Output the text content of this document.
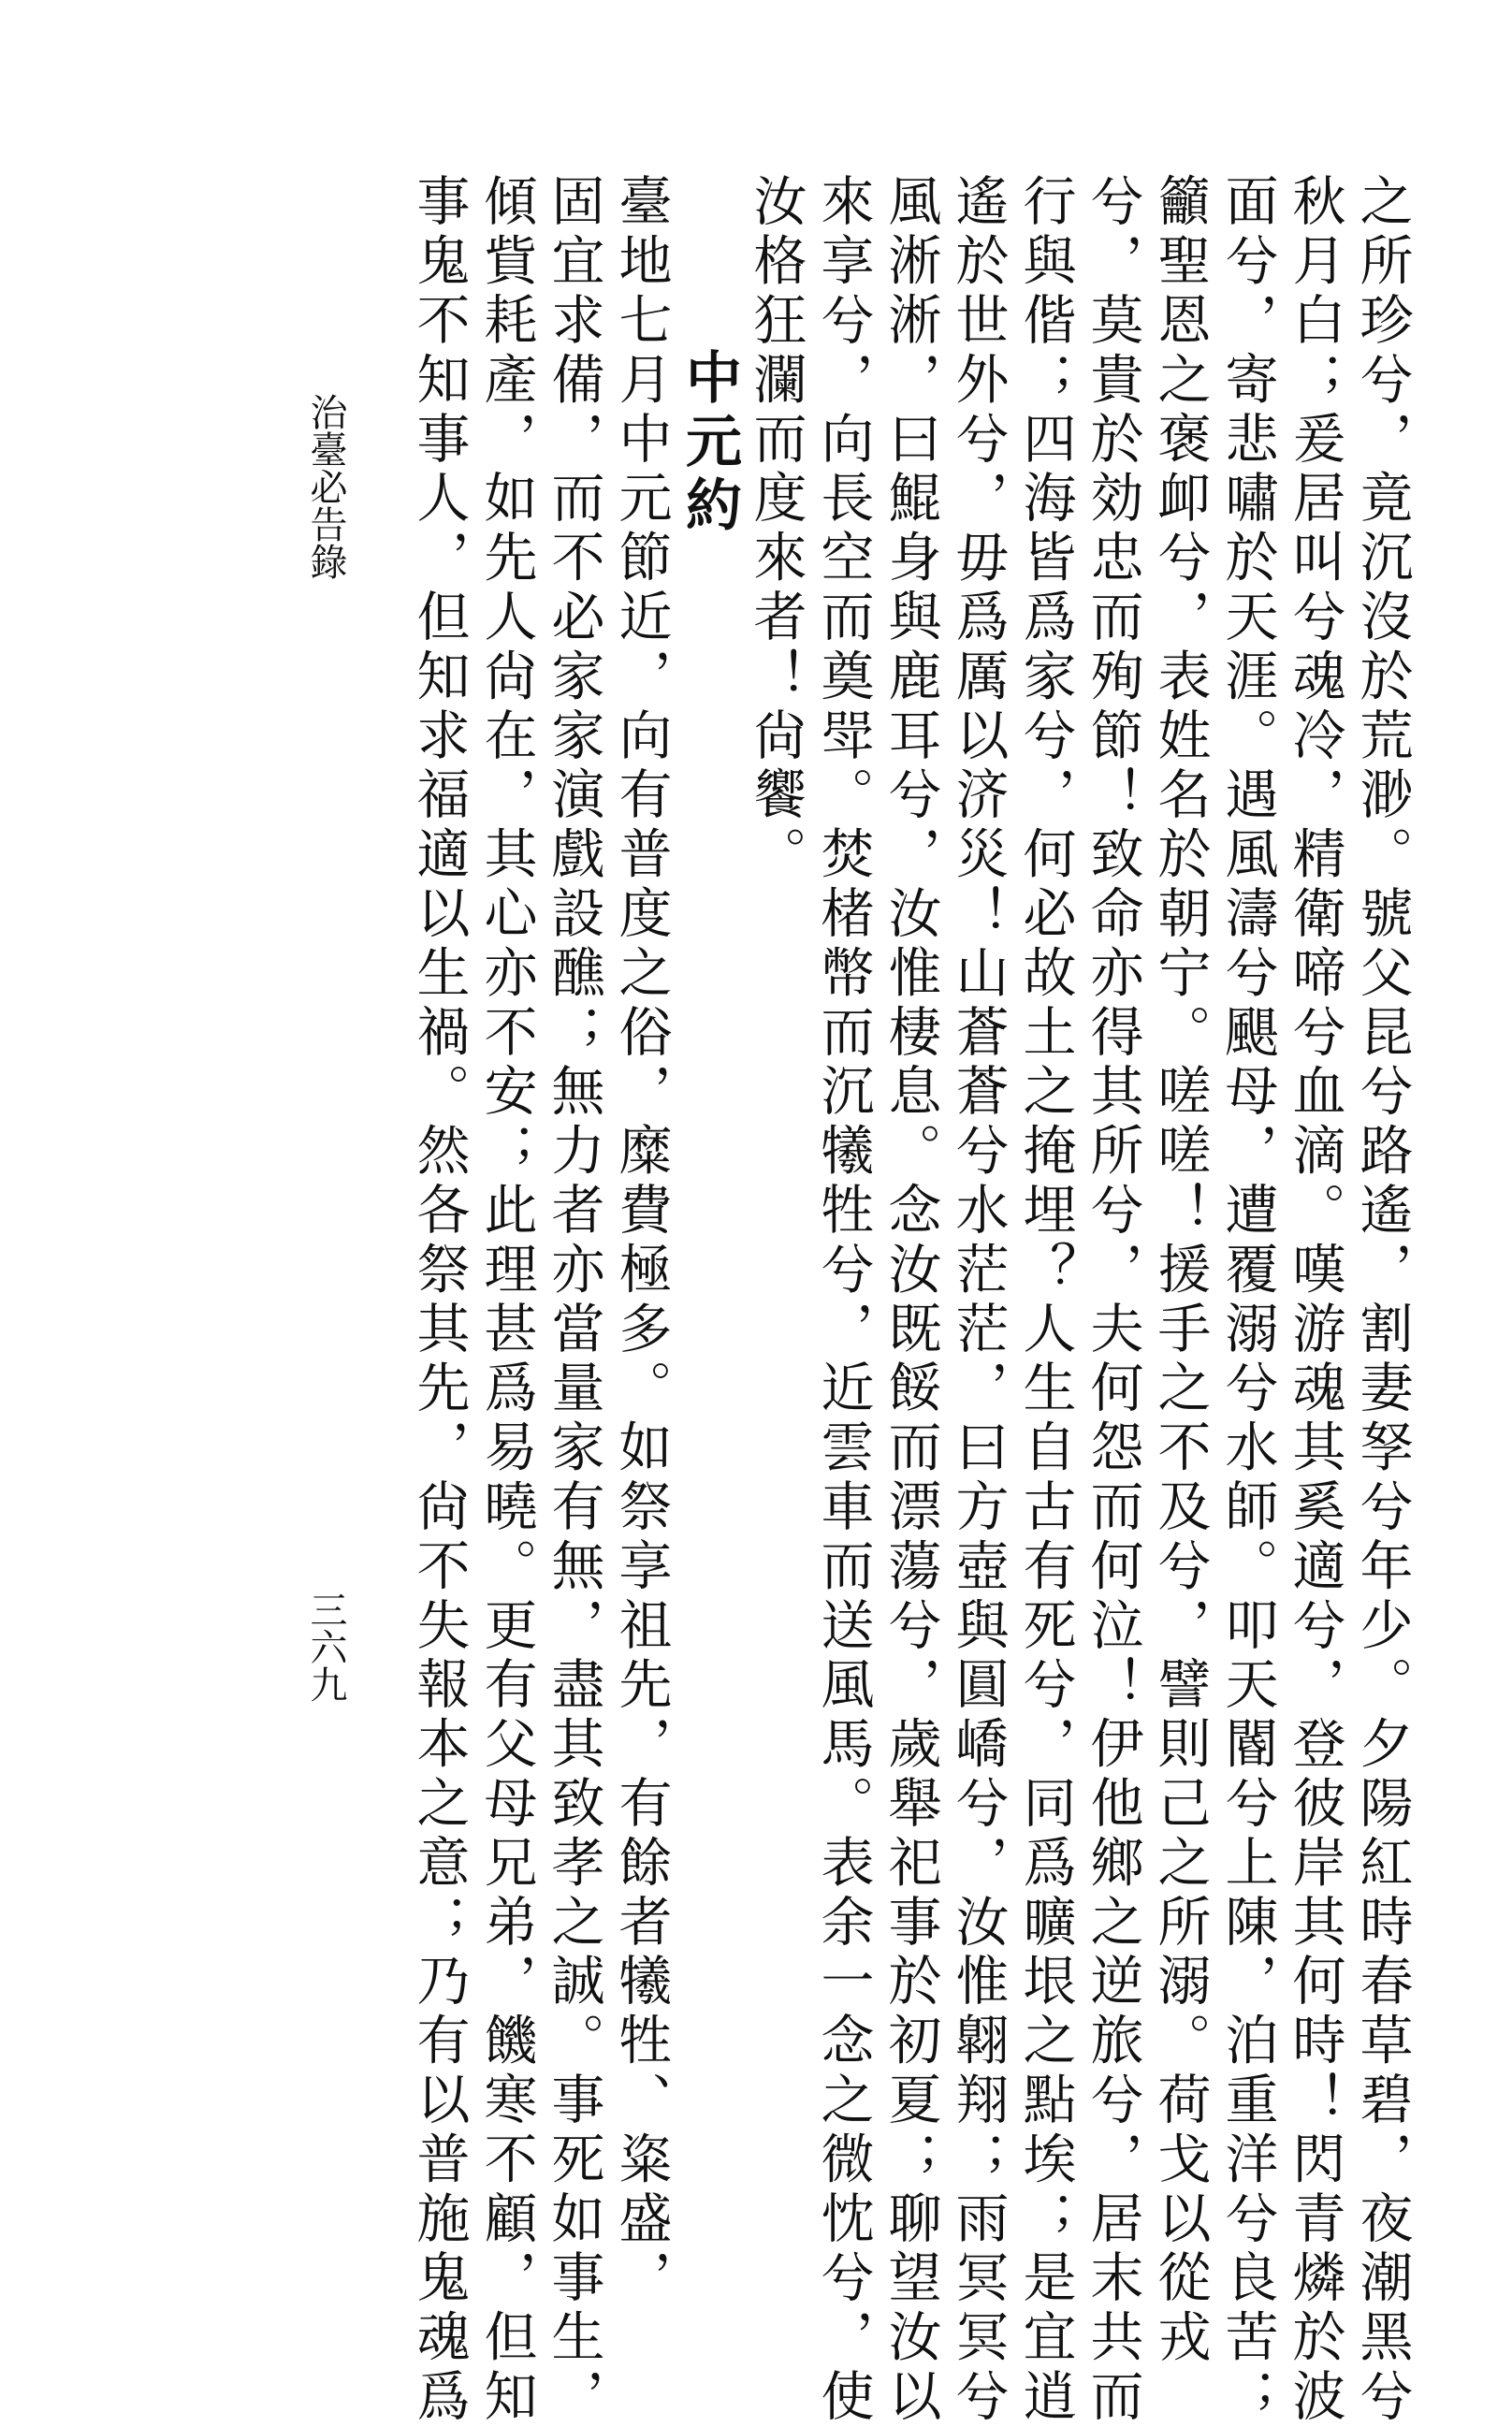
之所珍兮，竟沉沒於荒渺。號父昆兮路遙，割妻孥兮年少。夕陽紅時春草碧，夜潮黑兮
秋月白；爰居叫兮魂冷，精衛啼兮血滴。嘆游魂其奚適兮，登彼岸其何時！閃青燐於波
面兮，寄悲嘯於天涯。遇風濤兮颶母，遭覆溺兮水師。叩天閽兮上陳，泊重洋兮良苦；
籲聖恩之褒卹兮，表姓名於朝宁。嗟嗟！援手之不及兮，譬則己之所溺。荷戈以從戎
兮，莫貴於効忠而殉節！致命亦得其所兮，夫何怨而何泣！伊他鄉之逆旅兮，居末共而
行與偕；四海皆爲家兮，何必故土之掩埋？人生自古有死兮，同爲曠垠之點埃；是宜逍
遙於世外兮，毋爲厲以济災！山蒼蒼兮水茫茫，曰方壺與圓嶠兮，汝惟翺翔；雨冥冥兮
風淅淅，曰鯤身與鹿耳兮，汝惟棲息。念汝既餒而漂蕩兮，歲舉祀事於初夏；聊望汝以
來享兮，向長空而奠斝。焚楮幣而沉犧牲兮，近雲車而送風馬。表余一念之微忱兮，使
汝格狂瀾而度來者！尙饗。
中元約
臺地七月中元節近，向有普度之俗，糜費極多。如祭享祖先，有餘者犧牲、粢盛，
固宜求備，而不必家家演戲設醮；無力者亦當量家有無，盡其致孝之誠。事死如事生，
傾貲耗產，如先人尙在，其心亦不安；此理甚爲易曉。更有父母兄弟，饑寒不顧，但知
事鬼不知事人，但知求福適以生禍。然各祭其先，尙不失報本之意；乃有以普施鬼魂爲
治臺必告錄
三六九
